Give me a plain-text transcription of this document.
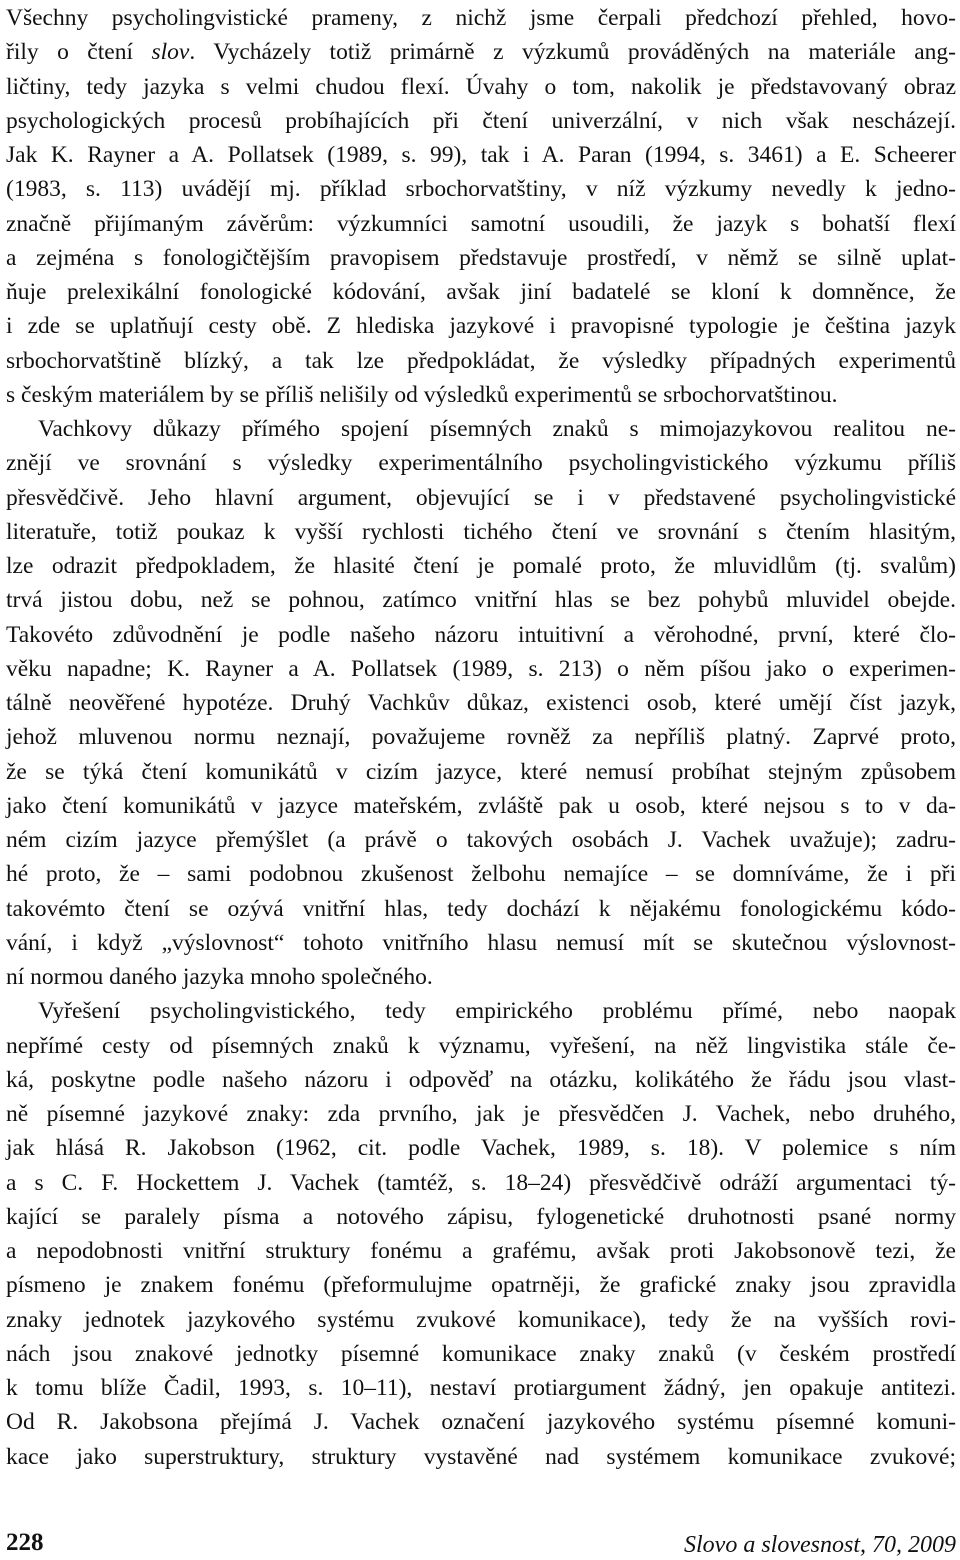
Všechny psycholingvistické prameny, z nichž jsme čerpali předchozí přehled, hovo-
řily o čtení slov. Vycházely totiž primárně z výzkumů prováděných na materiále ang-
ličtiny, tedy jazyka s velmi chudou flexí. Úvahy o tom, nakolik je představovaný obraz
psychologických procesů probíhajících při čtení univerzální, v nich však nescházejí.
Jak K. Rayner a A. Pollatsek (1989, s. 99), tak i A. Paran (1994, s. 3461) a E. Scheerer
(1983, s. 113) uvádějí mj. příklad srbochorvatštiny, v níž výzkumy nevedly k jedno-
značně přijímaným závěrům: výzkumníci samotní usoudili, že jazyk s bohatší flexí
a zejména s fonologičtějším pravopisem představuje prostředí, v němž se silně uplat-
ňuje prelexikální fonologické kódování, avšak jiní badatelé se kloní k domněnce, že
i zde se uplatňují cesty obě. Z hlediska jazykové i pravopisné typologie je čeština jazyk
srbochorvatštině blízký, a tak lze předpokládat, že výsledky případných experimentů
s českým materiálem by se příliš nelišily od výsledků experimentů se srbochorvatštinou.
Vachkovy důkazy přímého spojení písemných znaků s mimojazykovou realitou ne-
znějí ve srovnání s výsledky experimentálního psycholingvistického výzkumu příliš
přesvědčivě. Jeho hlavní argument, objevující se i v představené psycholingvistické
literatuře, totiž poukaz k vyšší rychlosti tichého čtení ve srovnání s čtením hlasitým,
lze odrazit předpokladem, že hlasité čtení je pomalé proto, že mluvidlům (tj. svalům)
trvá jistou dobu, než se pohnou, zatímco vnitřní hlas se bez pohybů mluvidel obejde.
Takovéto zdůvodnění je podle našeho názoru intuitivní a věrohodné, první, které člo-
věku napadne; K. Rayner a A. Pollatsek (1989, s. 213) o něm píšou jako o experimen-
tálně neověřené hypotéze. Druhý Vachkův důkaz, existenci osob, které umějí číst jazyk,
jehož mluvenou normu neznají, považujeme rovněž za nepříliš platný. Zaprvé proto,
že se týká čtení komunikátů v cizím jazyce, které nemusí probíhat stejným způsobem
jako čtení komunikátů v jazyce mateřském, zvláště pak u osob, které nejsou s to v da-
ném cizím jazyce přemýšlet (a právě o takových osobách J. Vachek uvažuje); zadru-
hé proto, že – sami podobnou zkušenost želbohu nemajíce – se domníváme, že i při
takovémto čtení se ozývá vnitřní hlas, tedy dochází k nějakému fonologickému kódo-
vání, i když „výslovnost“ tohoto vnitřního hlasu nemusí mít se skutečnou výslovnost-
ní normou daného jazyka mnoho společného.
Vyřešení psycholingvistického, tedy empirického problému přímé, nebo naopak
nepřímé cesty od písemných znaků k významu, vyřešení, na něž lingvistika stále če-
ká, poskytne podle našeho názoru i odpověď na otázku, kolikátého že řádu jsou vlast-
ně písemné jazykové znaky: zda prvního, jak je přesvědčen J. Vachek, nebo druhého,
jak hlásá R. Jakobson (1962, cit. podle Vachek, 1989, s. 18). V polemice s ním
a s C. F. Hockettem J. Vachek (tamtéž, s. 18–24) přesvědčivě odráží argumentaci tý-
kající se paralely písma a notového zápisu, fylogenetické druhotnosti psané normy
a nepodobnosti vnitřní struktury fonému a grafému, avšak proti Jakobsonově tezi, že
písmeno je znakem fonému (přeformulujme opatrněji, že grafické znaky jsou zpravidla
znaky jednotek jazykového systému zvukové komunikace), tedy že na vyšších rovi-
nách jsou znakové jednotky písemné komunikace znaky znaků (v českém prostředí
k tomu blíže Čadil, 1993, s. 10–11), nestaví protiargument žádný, jen opakuje antitezi.
Od R. Jakobsona přejímá J. Vachek označení jazykového systému písemné komuni-
kace jako superstruktury, struktury vystavěné nad systémem komunikace zvukové;
228	Slovo a slovesnost, 70, 2009
